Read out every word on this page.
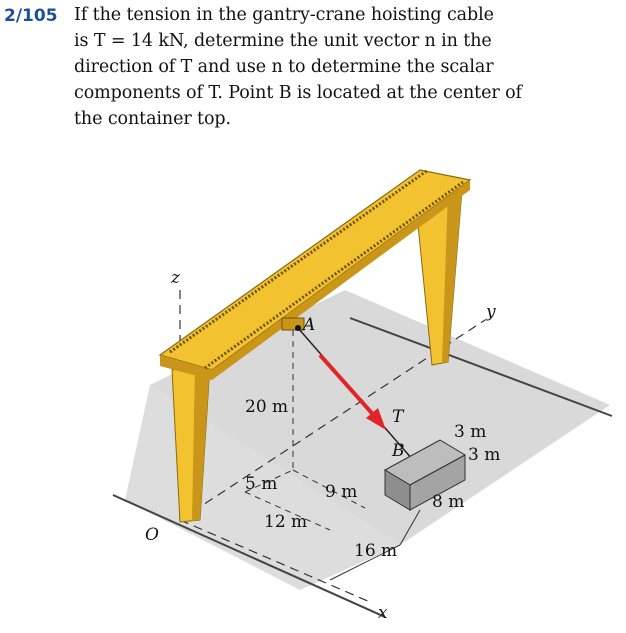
2/105 If the tension in the gantry-crane hoisting cable
is T = 14 kN, determine the unit vector n in the
direction of T and use n to determine the scalar
components of T. Point B is located at the center of
the container top.
z
y
x
O
A
B
T
20 m
5 m	9 m
12 m
16 m
3 m
3 m
8 m
